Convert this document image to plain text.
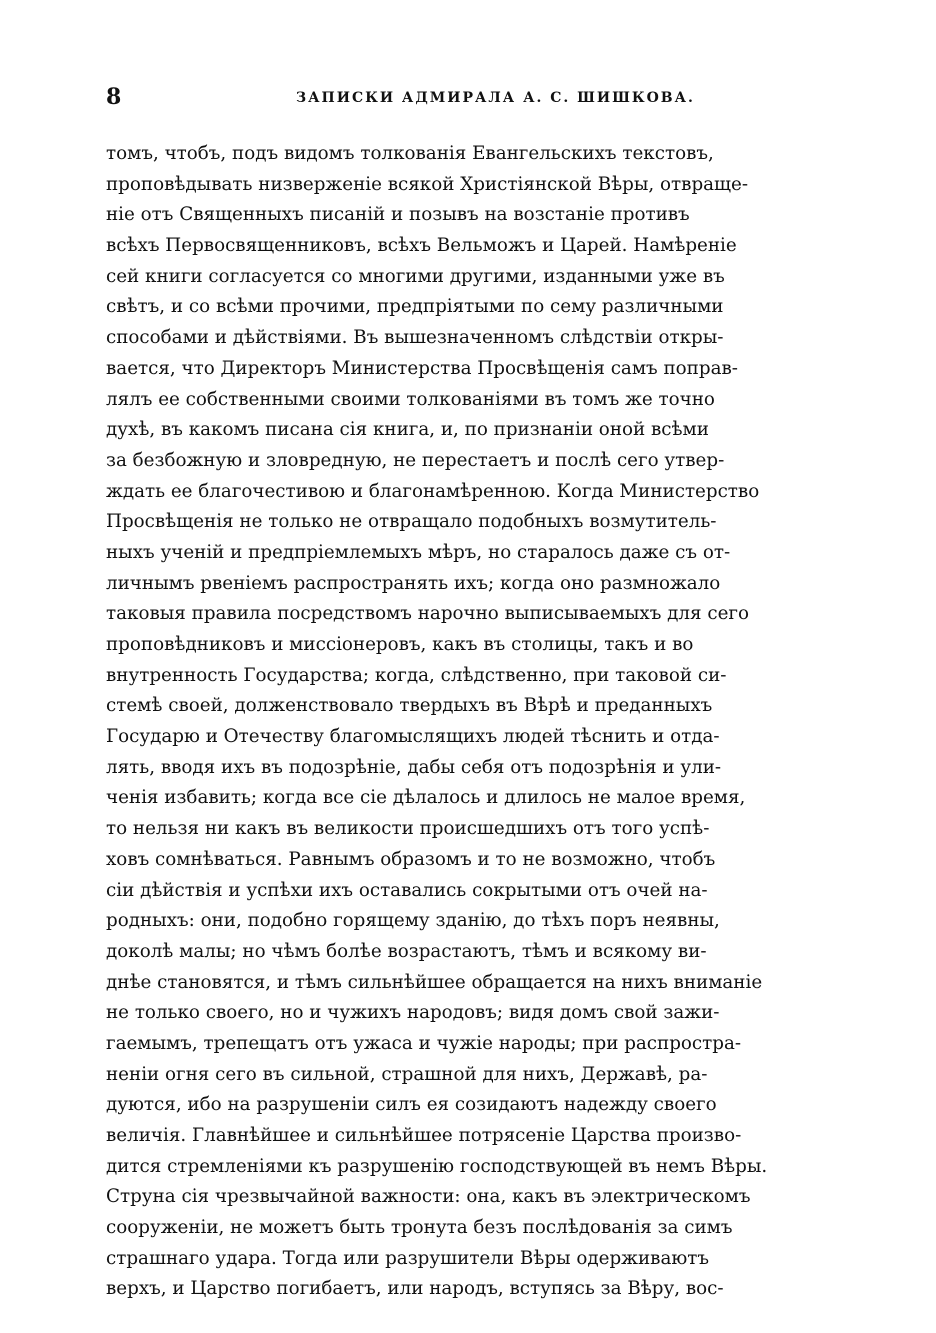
8	ЗАПИСКИ АДМИРАЛА А. С. ШИШКОВА.
томъ, чтобъ, подъ видомъ толкованія Евангельскихъ текстовъ,
проповѣдывать низверженіе всякой Христіянской Вѣры, отвраще-
ніе отъ Священныхъ писаній и позывъ на возстаніе противъ
всѣхъ Первосвященниковъ, всѣхъ Вельможъ и Царей. Намѣреніе
сей книги согласуется со многими другими, изданными уже въ
свѣтъ, и со всѣми прочими, предпріятыми по сему различными
способами и дѣйствіями. Въ вышезначенномъ слѣдствіи откры-
вается, что Директоръ Министерства Просвѣщенія самъ поправ-
лялъ ее собственными своими толкованіями въ томъ же точно
духѣ, въ какомъ писана сія книга, и, по признаніи оной всѣми
за безбожную и зловредную, не перестаетъ и послѣ сего утвер-
ждать ее благочестивою и благонамѣренною. Когда Министерство
Просвѣщенія не только не отвращало подобныхъ возмутитель-
ныхъ ученій и предпріемлемыхъ мѣръ, но старалось даже съ от-
личнымъ рвеніемъ распространять ихъ; когда оно размножало
таковыя правила посредствомъ нарочно выписываемыхъ для сего
проповѣдниковъ и миссіонеровъ, какъ въ столицы, такъ и во
внутренность Государства; когда, слѣдственно, при таковой си-
стемѣ своей, долженствовало твердыхъ въ Вѣрѣ и преданныхъ
Государю и Отечеству благомыслящихъ людей тѣснить и отда-
лять, вводя ихъ въ подозрѣніе, дабы себя отъ подозрѣнія и ули-
ченія избавить; когда все сіе дѣлалось и длилось не малое время,
то нельзя ни какъ въ великости происшедшихъ отъ того успѣ-
ховъ сомнѣваться. Равнымъ образомъ и то не возможно, чтобъ
сіи дѣйствія и успѣхи ихъ оставались сокрытыми отъ очей на-
родныхъ: они, подобно горящему зданію, до тѣхъ поръ неявны,
доколѣ малы; но чѣмъ болѣе возрастаютъ, тѣмъ и всякому ви-
днѣе становятся, и тѣмъ сильнѣйшее обращается на нихъ вниманіе
не только своего, но и чужихъ народовъ; видя домъ свой зажи-
гаемымъ, трепещатъ отъ ужаса и чужіе народы; при распростра-
неніи огня сего въ сильной, страшной для нихъ, Державѣ, ра-
дуются, ибо на разрушеніи силъ ея созидаютъ надежду своего
величія. Главнѣйшее и сильнѣйшее потрясеніе Царства произво-
дится стремленіями къ разрушенію господствующей въ немъ Вѣры.
Струна сія чрезвычайной важности: она, какъ въ электрическомъ
сооруженіи, не можетъ быть тронута безъ послѣдованія за симъ
страшнаго удара. Тогда или разрушители Вѣры одерживаютъ
верхъ, и Царство погибаетъ, или народъ, вступясь за Вѣру, вос-
